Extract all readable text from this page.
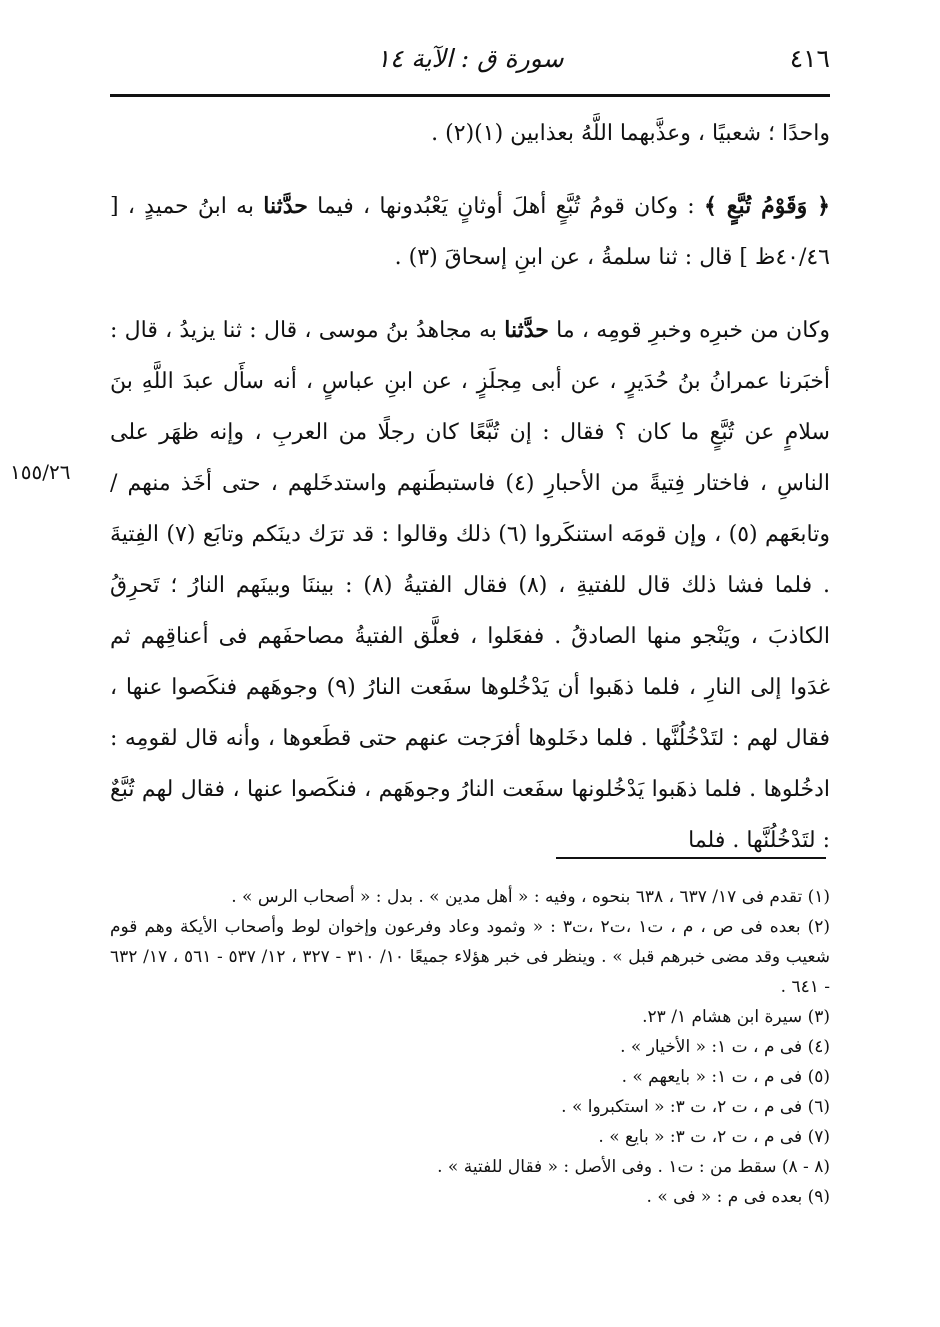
٤١٦
سورة ق : الآية ١٤
١٥٥/٢٦

واحدًا ؛ شعبيًا ، وعذَّبهما اللَّهُ بعذابين (١)(٢) .

﴿ وَقَوْمُ تُبَّعٍ ﴾ : وكان قومُ تُبَّعٍ أهلَ أوثانٍ يَعْبُدونها ، فيما حدَّثنا به ابنُ حميدٍ ، [ ٤٠/٤٦ظ ] قال : ثنا سلمةُ ، عن ابنِ إسحاقَ (٣) .

وكان من خبرِه وخبرِ قومِه ، ما حدَّثنا به مجاهدُ بنُ موسى ، قال : ثنا يزيدُ ، قال : أخبَرنا عمرانُ بنُ حُدَيرٍ ، عن أبى مِجلَزٍ ، عن ابنِ عباسٍ ، أنه سأَل عبدَ اللَّهِ بنَ سلامٍ عن تُبَّعٍ ما كان ؟ فقال : إن تُبَّعًا كان رجلًا من العربِ ، وإنه ظهَر على الناسِ ، فاختار فِتيةً من الأحبارِ (٤) فاستبطَنهم واستدخَلهم ، حتى أخَذ منهم / وتابعَهم (٥) ، وإن قومَه استنكَروا (٦) ذلك وقالوا : قد ترَك دينَكم وتابَع (٧) الفِتيةَ . فلما فشا ذلك قال للفتيةِ ، (٨) فقال الفتيةُ (٨) : بيننَا وبينَهم النارُ ؛ تَحرِقُ الكاذبَ ، ويَنْجو منها الصادقُ . ففعَلوا ، فعلَّق الفتيةُ مصاحفَهم فى أعناقِهم ثم غدَوا إلى النارِ ، فلما ذهَبوا أن يَدْخُلوها سفَعت النارُ (٩) وجوهَهم فنكَصوا عنها ، فقال لهم : لتَدْخُلُنَّها . فلما دخَلوها أفرَجت عنهم حتى قطَعوها ، وأنه قال لقومِه : ادخُلوها . فلما ذهَبوا يَدْخُلونها سفَعت النارُ وجوهَهم ، فنكَصوا عنها ، فقال لهم تُبَّعٌ : لتَدْخُلُنَّها . فلما

(١) تقدم فى ١٧/ ٦٣٧ ، ٦٣٨ بنحوه ، وفيه : « أهل مدين » . بدل : « أصحاب الرس » .

(٢) بعده فى ص ، م ، ت١ ،ت٢ ،ت٣ : « وثمود وعاد وفرعون وإخوان لوط وأصحاب الأيكة وهم قوم شعيب وقد مضى خبرهم قبل » . وينظر فى خبر هؤلاء جميعًا ١٠/ ٣١٠ - ٣٢٧ ، ١٢/ ٥٣٧ - ٥٦١ ، ١٧/ ٦٣٢ - ٦٤١ .

(٣) سيرة ابن هشام ١/ ٢٣.

(٤) فى م ، ت ١: « الأخيار » .

(٥) فى م ، ت ١: « بايعهم » .

(٦) فى م ، ت ٢، ت ٣: « استكبروا » .

(٧) فى م ، ت ٢، ت ٣: « بايع » .

(٨ - ٨) سقط من : ت١ . وفى الأصل : « فقال للفتية » .

(٩) بعده فى م : « فى » .
